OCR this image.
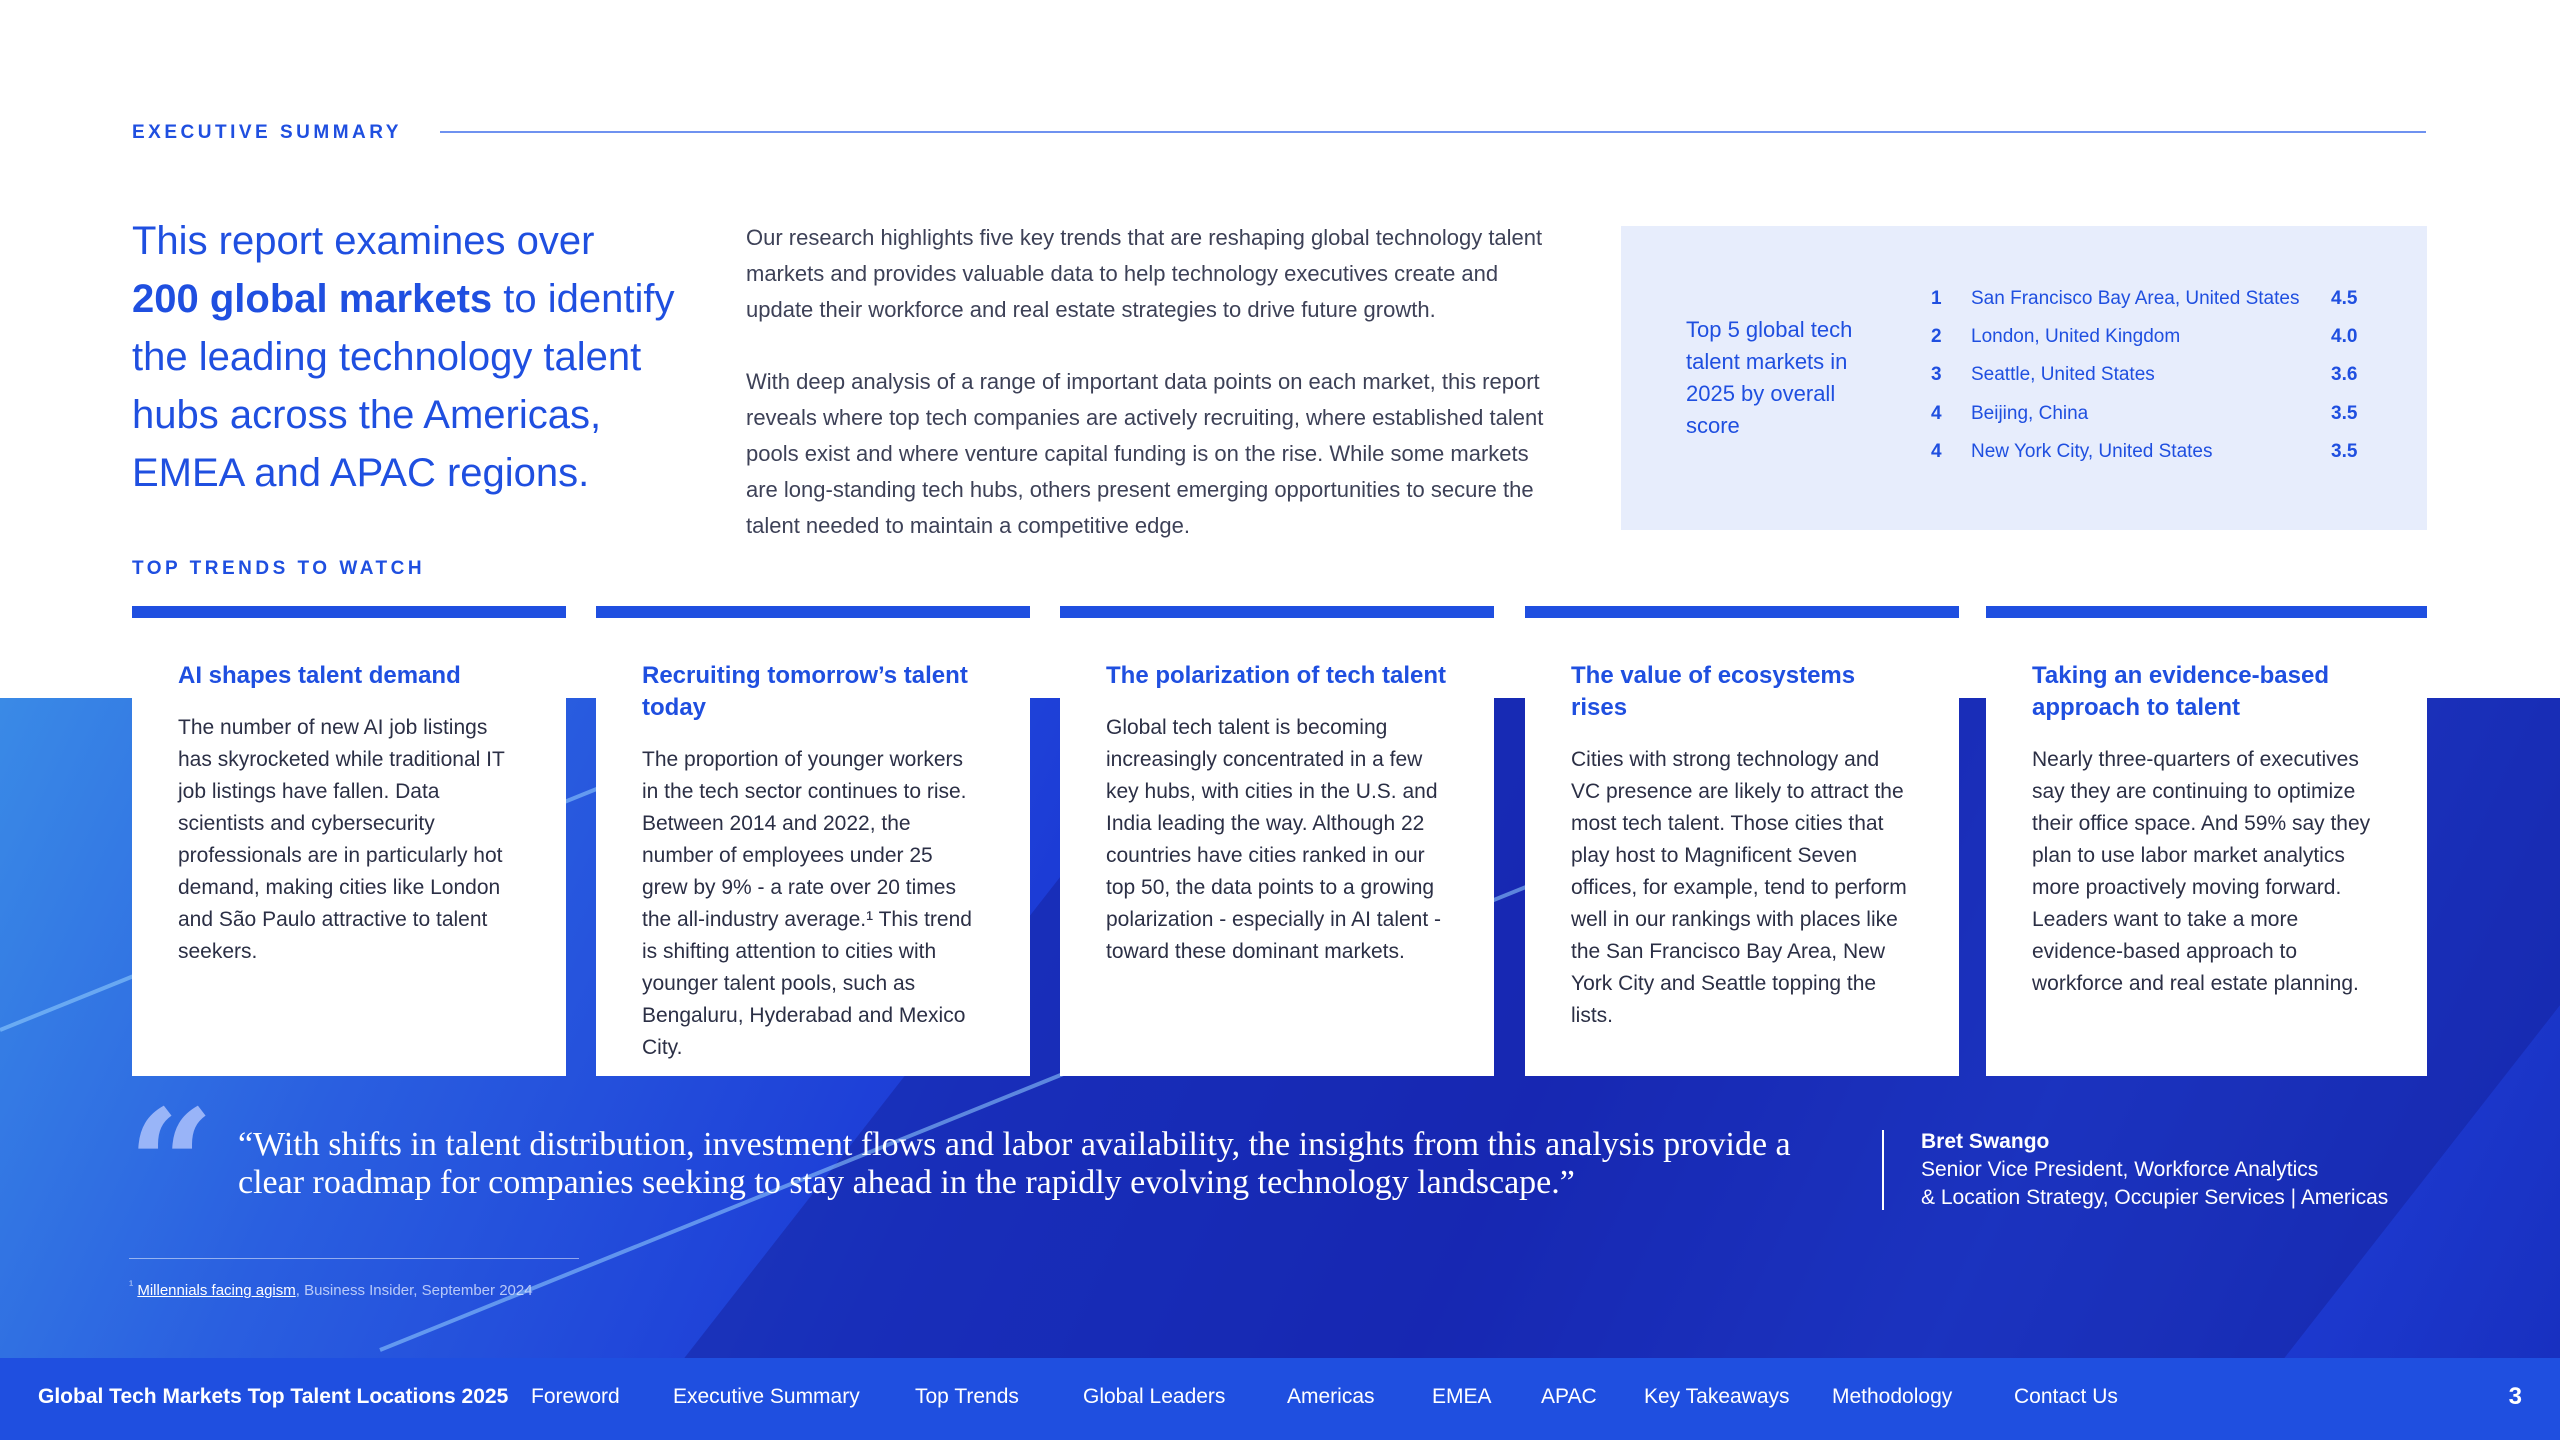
EXECUTIVE SUMMARY
This report examines over
200 global markets to identify the leading technology talent hubs across the Americas, EMEA and APAC regions.

Our research highlights five key trends that are reshaping global technology talent markets and provides valuable data to help technology executives create and update their workforce and real estate strategies to drive future growth.

With deep analysis of a range of important data points on each market, this report reveals where top tech companies are actively recruiting, where established talent pools exist and where venture capital funding is on the rise. While some markets are long-standing tech hubs, others present emerging opportunities to secure the talent needed to maintain a competitive edge.

Top 5 global tech talent markets in 2025 by overall score
1 San Francisco Bay Area, United States 4.5
2 London, United Kingdom	4.0
3 Seattle, United States	3.6
4 Beijing, China	3.5
4 New York City, United States	3.5
TOP TRENDS TO WATCH
AI shapes talent demand

The number of new AI job listings has skyrocketed while traditional IT job listings have fallen. Data scientists and cybersecurity professionals are in particularly hot demand, making cities like London and São Paulo attractive to talent seekers.

Recruiting tomorrow’s talent today

The proportion of younger workers in the tech sector continues to rise. Between 2014 and 2022, the number of employees under 25 grew by 9% - a rate over 20 times the all-industry average.¹ This trend is shifting attention to cities with younger talent pools, such as Bengaluru, Hyderabad and Mexico City.

The polarization of tech talent

Global tech talent is becoming increasingly concentrated in a few key hubs, with cities in the U.S. and India leading the way. Although 22 countries have cities ranked in our top 50, the data points to a growing polarization - especially in AI talent - toward these dominant markets.

The value of ecosystems rises

Cities with strong technology and VC presence are likely to attract the most tech talent. Those cities that play host to Magnificent Seven offices, for example, tend to perform well in our rankings with places like the San Francisco Bay Area, New York City and Seattle topping the lists.

Taking an evidence-based approach to talent

Nearly three-quarters of executives say they are continuing to optimize their office space. And 59% say they plan to use labor market analytics more proactively moving forward. Leaders want to take a more evidence-based approach to workforce and real estate planning.

“ “With shifts in talent distribution, investment flows and labor availability, the insights from this analysis provide a clear roadmap for companies seeking to stay ahead in the rapidly evolving technology landscape.”
Bret Swango
Senior Vice President, Workforce Analytics
& Location Strategy, Occupier Services | Americas
$^{^1}$ Millennials facing agism, Business Insider, September 2024
Global Tech Markets Top Talent Locations 2025 Foreword	Executive Summary	Top Trends	Global Leaders	Americas	EMEA APAC Key Takeaways Methodology	Contact Us	3
